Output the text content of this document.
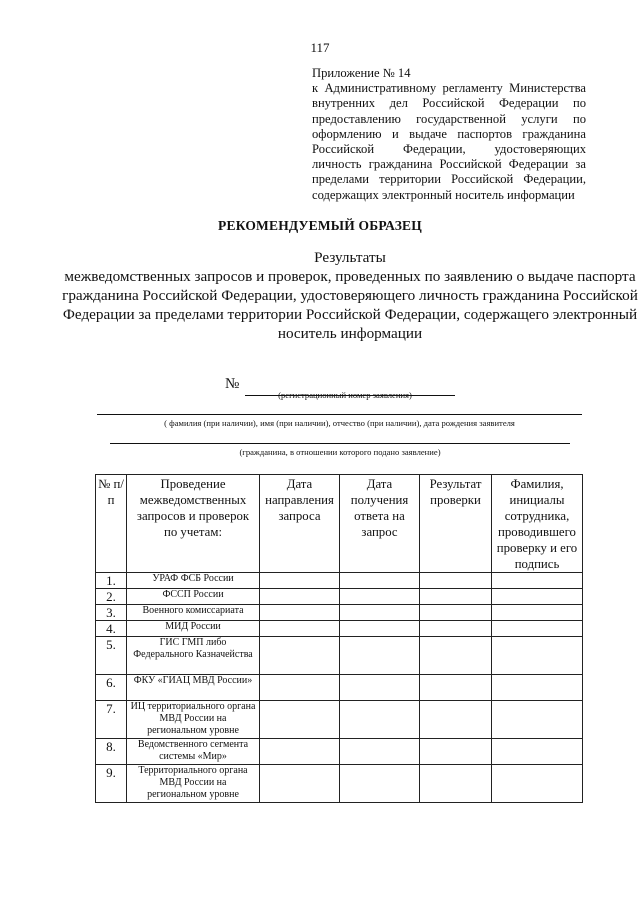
117
Приложение № 14
к Административному регламенту Министерства внутренних дел Российской Федерации по предоставлению государственной услуги по оформлению и выдаче паспортов гражданина Российской Федерации, удостоверяющих личность гражданина Российской Федерации за пределами территории Российской Федерации, содержащих электронный носитель информации
РЕКОМЕНДУЕМЫЙ ОБРАЗЕЦ
Результаты
межведомственных запросов и проверок, проведенных по заявлению о выдаче паспорта гражданина Российской Федерации, удостоверяющего личность гражданина Российской Федерации за пределами территории Российской Федерации, содержащего электронный носитель информации
№
(регистрационный номер заявления)
( фамилия (при наличии), имя (при наличии), отчество (при наличии), дата рождения заявителя
(гражданина, в отношении которого подано заявление)
№ п/п	Проведение межведомственных запросов и проверок по учетам:	Дата направления запроса	Дата получения ответа на запрос	Результат проверки	Фамилия, инициалы сотрудника, проводившего проверку и его подпись
1.	УРАФ ФСБ России				
2.	ФССП России				
3.	Военного комиссариата				
4.	МИД России				
5.	ГИС ГМП либо Федерального Казначейства				
6.	ФКУ «ГИАЦ МВД России»				
7.	ИЦ территориального органа МВД России на региональном уровне				
8.	Ведомственного сегмента системы «Мир»				
9.	Территориального органа МВД России на региональном уровне				
